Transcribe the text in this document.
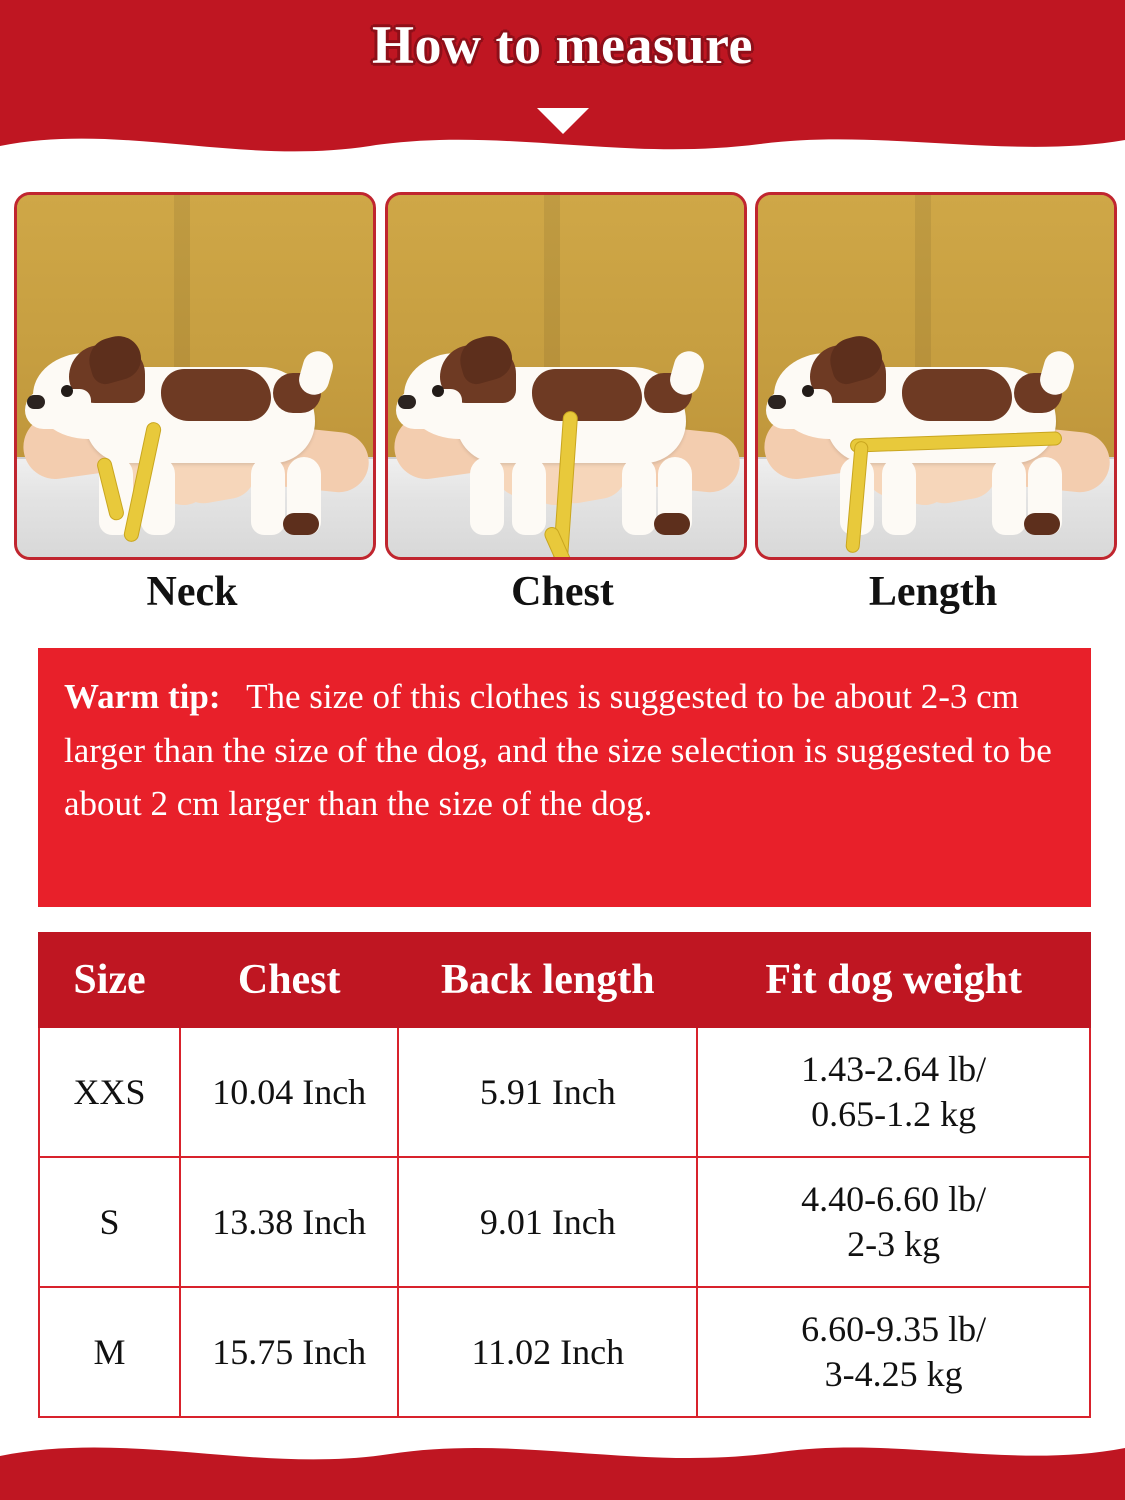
How to measure
Neck	Chest	Length

Warm tip: The size of this clothes is suggested to be about 2-3 cm larger than the size of the dog, and the size selection is suggested to be about 2 cm larger than the size of the dog.

Size	Chest	Back length	Fit dog weight
XXS	10.04 Inch	5.91 Inch	1.43-2.64 lb/
0.65-1.2 kg

S	13.38 Inch	9.01 Inch	4.40-6.60 lb/
2-3 kg

M	15.75 Inch	11.02 Inch	6.60-9.35 lb/
3-4.25 kg
